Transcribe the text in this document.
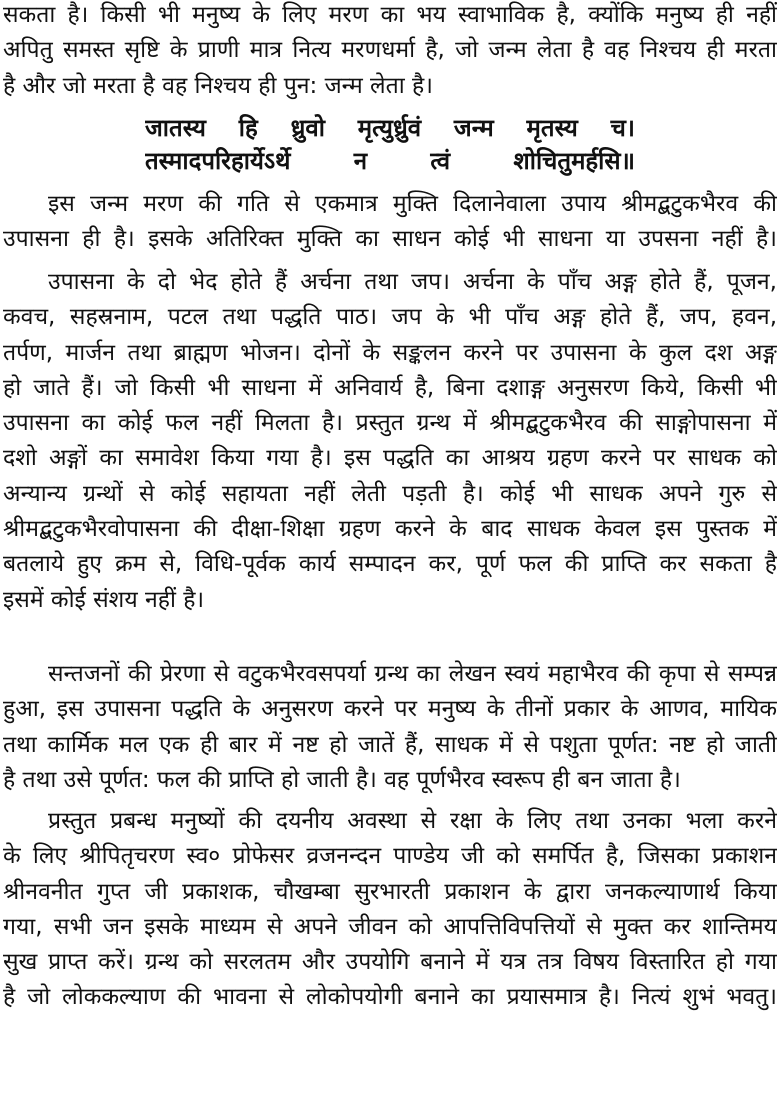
सकता है। किसी भी मनुष्य के लिए मरण का भय स्वाभाविक है, क्योंकि मनुष्य ही नहीं
अपितु समस्त सृष्टि के प्राणी मात्र नित्य मरणधर्मा है, जो जन्म लेता है वह निश्चय ही मरता
है और जो मरता है वह निश्चय ही पुन: जन्म लेता है।
जातस्य हि ध्रुवो मृत्युर्ध्रुवं जन्म मृतस्य च।
तस्मादपरिहार्येऽर्थे न त्वं शोचितुमर्हसि॥
इस जन्म मरण की गति से एकमात्र मुक्ति दिलानेवाला उपाय श्रीमद्बटुकभैरव की
उपासना ही है। इसके अतिरिक्त मुक्ति का साधन कोई भी साधना या उपसना नहीं है।
उपासना के दो भेद होते हैं अर्चना तथा जप। अर्चना के पाँच अङ्ग होते हैं, पूजन,
कवच, सहस्रनाम, पटल तथा पद्धति पाठ। जप के भी पाँच अङ्ग होते हैं, जप, हवन,
तर्पण, मार्जन तथा ब्राह्मण भोजन। दोनों के सङ्कलन करने पर उपासना के कुल दश अङ्ग
हो जाते हैं। जो किसी भी साधना में अनिवार्य है, बिना दशाङ्ग अनुसरण किये, किसी भी
उपासना का कोई फल नहीं मिलता है। प्रस्तुत ग्रन्थ में श्रीमद्बटुकभैरव की साङ्गोपासना में
दशो अङ्गों का समावेश किया गया है। इस पद्धति का आश्रय ग्रहण करने पर साधक को
अन्यान्य ग्रन्थों से कोई सहायता नहीं लेती पड़ती है। कोई भी साधक अपने गुरु से
श्रीमद्बटुकभैरवोपासना की दीक्षा-शिक्षा ग्रहण करने के बाद साधक केवल इस पुस्तक में
बतलाये हुए क्रम से, विधि-पूर्वक कार्य सम्पादन कर, पूर्ण फल की प्राप्ति कर सकता है
इसमें कोई संशय नहीं है।
सन्तजनों की प्रेरणा से वटुकभैरवसपर्या ग्रन्थ का लेखन स्वयं महाभैरव की कृपा से सम्पन्न
हुआ, इस उपासना पद्धति के अनुसरण करने पर मनुष्य के तीनों प्रकार के आणव, मायिक
तथा कार्मिक मल एक ही बार में नष्ट हो जातें हैं, साधक में से पशुता पूर्णत: नष्ट हो जाती
है तथा उसे पूर्णत: फल की प्राप्ति हो जाती है। वह पूर्णभैरव स्वरूप ही बन जाता है।
प्रस्तुत प्रबन्ध मनुष्यों की दयनीय अवस्था से रक्षा के लिए तथा उनका भला करने
के लिए श्रीपितृचरण स्व० प्रोफेसर व्रजनन्दन पाण्डेय जी को समर्पित है, जिसका प्रकाशन
श्रीनवनीत गुप्त जी प्रकाशक, चौखम्बा सुरभारती प्रकाशन के द्वारा जनकल्याणार्थ किया
गया, सभी जन इसके माध्यम से अपने जीवन को आपत्तिविपत्तियों से मुक्त कर शान्तिमय
सुख प्राप्त करें। ग्रन्थ को सरलतम और उपयोगि बनाने में यत्र तत्र विषय विस्तारित हो गया
है जो लोककल्याण की भावना से लोकोपयोगी बनाने का प्रयासमात्र है। नित्यं शुभं भवतु।
